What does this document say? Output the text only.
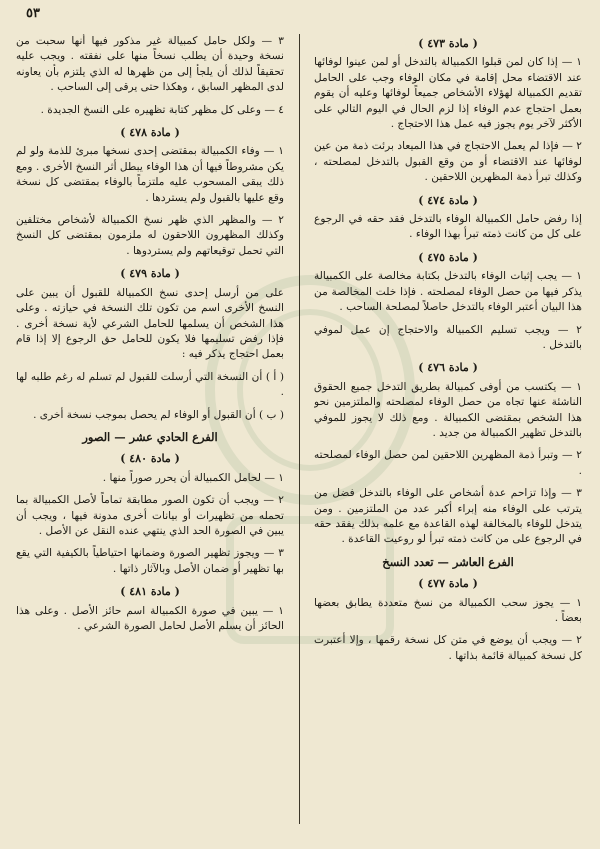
٥٣
( مادة ٤٧٣ )

١ — إذا كان لمن قبلوا الكمبيالة بالتدخل أو لمن عينوا لوفائها عند الاقتضاء محل إقامة في مكان الوفاء وجب على الحامل تقديم الكمبيالة لهؤلاء الأشخاص جميعاً لوفائها وعليه أن يقوم بعمل احتجاج عدم الوفاء إذا لزم الحال في اليوم التالي على الأكثر لآخر يوم يجوز فيه عمل هذا الاحتجاج .

٢ — فإذا لم يعمل الاحتجاج في هذا الميعاد برئت ذمة من عين لوفائها عند الاقتضاء أو من وقع القبول بالتدخل لمصلحته ، وكذلك تبرأ ذمة المظهرين اللاحقين .

( مادة ٤٧٤ )

إذا رفض حامل الكمبيالة الوفاء بالتدخل فقد حقه في الرجوع على كل من كانت ذمته تبرأ بهذا الوفاء .

( مادة ٤٧٥ )

١ — يجب إثبات الوفاء بالتدخل بكتابة مخالصة على الكمبيالة يذكر فيها من حصل الوفاء لمصلحته . فإذا خلت المخالصة من هذا البيان أعتبر الوفاء بالتدخل حاصلاً لمصلحة الساحب .

٢ — ويجب تسليم الكمبيالة والاحتجاج إن عمل لموفي بالتدخل .

( مادة ٤٧٦ )

١ — يكتسب من أوفى كمبيالة بطريق التدخل جميع الحقوق الناشئة عنها تجاه من حصل الوفاء لمصلحته والملتزمين نحو هذا الشخص بمقتضى الكمبيالة . ومع ذلك لا يجوز للموفي بالتدخل تظهير الكمبيالة من جديد .

٢ — وتبرأ ذمة المظهرين اللاحقين لمن حصل الوفاء لمصلحته .

٣ — وإذا تزاحم عدة أشخاص على الوفاء بالتدخل فضل من يترتب على الوفاء منه إبراء أكبر عدد من الملتزمين . ومن يتدخل للوفاء بالمخالفة لهذه القاعدة مع علمه بذلك يفقد حقه في الرجوع على من كانت ذمته تبرأ لو روعيت القاعدة .

الفرع العاشر — تعدد النسخ
( مادة ٤٧٧ )

١ — يجوز سحب الكمبيالة من نسخ متعددة يطابق بعضها بعضاً .

٢ — ويجب أن يوضع في متن كل نسخة رقمها ، وإلا أعتبرت كل نسخة كمبيالة قائمة بذاتها .

٣ — ولكل حامل كمبيالة غير مذكور فيها أنها سحبت من نسخة وحيدة أن يطلب نسخاً منها على نفقته . ويجب عليه تحقيقاً لذلك أن يلجأ إلى من ظهرها له الذي يلتزم بأن يعاونه لدى المظهر السابق ، وهكذا حتى يرقى إلى الساحب .

٤ — وعلى كل مظهر كتابة تظهيره على النسخ الجديدة .

( مادة ٤٧٨ )

١ — وفاء الكمبيالة بمقتضى إحدى نسخها مبرئ للذمة ولو لم يكن مشروطاً فيها أن هذا الوفاء يبطل أثر النسخ الأخرى . ومع ذلك يبقى المسحوب عليه ملتزماً بالوفاء بمقتضى كل نسخة وقع عليها بالقبول ولم يستردها .

٢ — والمظهر الذي ظهر نسخ الكمبيالة لأشخاص مختلفين وكذلك المظهرون اللاحقون له ملزمون بمقتضى كل النسخ التي تحمل توقيعاتهم ولم يستردوها .

( مادة ٤٧٩ )

على من أرسل إحدى نسخ الكمبيالة للقبول أن يبين على النسخ الأخرى اسم من تكون تلك النسخة في حيازته . وعلى هذا الشخص أن يسلمها للحامل الشرعي لأية نسخة أخرى . فإذا رفض تسليمها فلا يكون للحامل حق الرجوع إلا إذا قام بعمل احتجاج يذكر فيه :

( أ ) أن النسخة التي أرسلت للقبول لم تسلم له رغم طلبه لها .

( ب ) أن القبول أو الوفاء لم يحصل بموجب نسخة أخرى .

الفرع الحادي عشر — الصور
( مادة ٤٨٠ )

١ — لحامل الكمبيالة أن يحرر صوراً منها .

٢ — ويجب أن تكون الصور مطابقة تماماً لأصل الكمبيالة بما تحمله من تظهيرات أو بيانات أخرى مدونة فيها ، ويجب أن يبين في الصورة الحد الذي ينتهي عنده النقل عن الأصل .

٣ — ويجوز تظهير الصورة وضمانها احتياطياً بالكيفية التي يقع بها تظهير أو ضمان الأصل وبالآثار ذاتها .

( مادة ٤٨١ )

١ — يبين في صورة الكمبيالة اسم حائز الأصل . وعلى هذا الحائز أن يسلم الأصل لحامل الصورة الشرعي .
